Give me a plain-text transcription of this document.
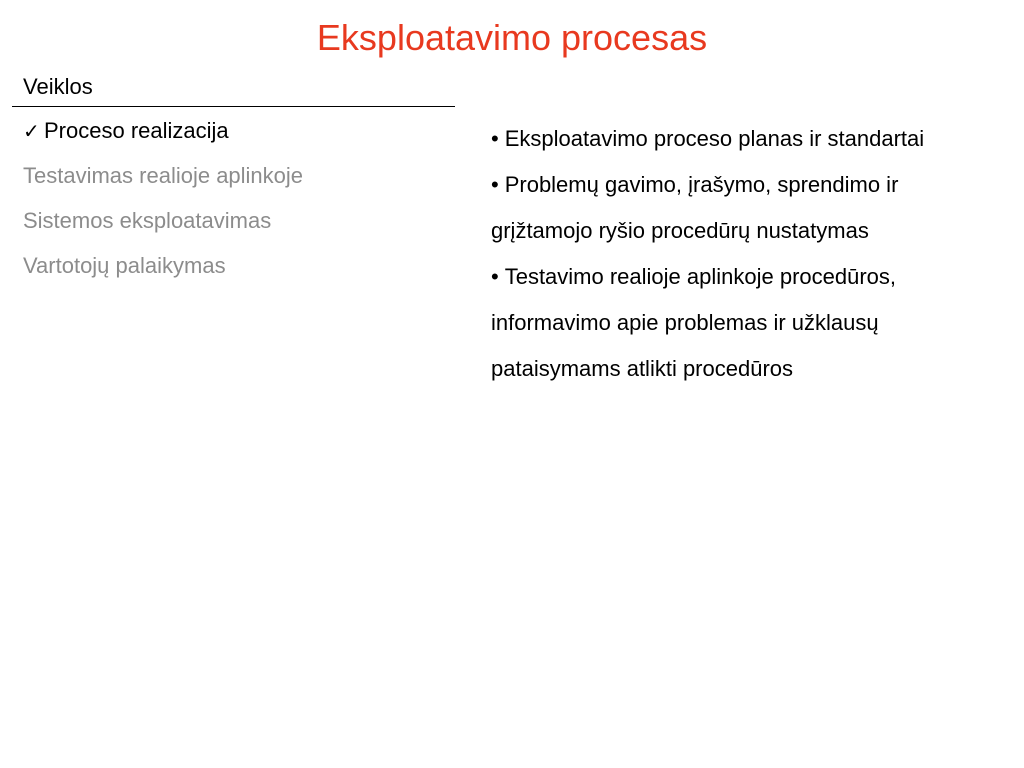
Eksploatavimo procesas
Veiklos
✓ Proceso realizacija
Testavimas realioje aplinkoje
Sistemos eksploatavimas
Vartotojų palaikymas
• Eksploatavimo proceso planas ir standartai
• Problemų gavimo, įrašymo, sprendimo ir grįžtamojo ryšio procedūrų nustatymas
• Testavimo realioje aplinkoje procedūros, informavimo apie problemas ir užklausų pataisymams atlikti procedūros
